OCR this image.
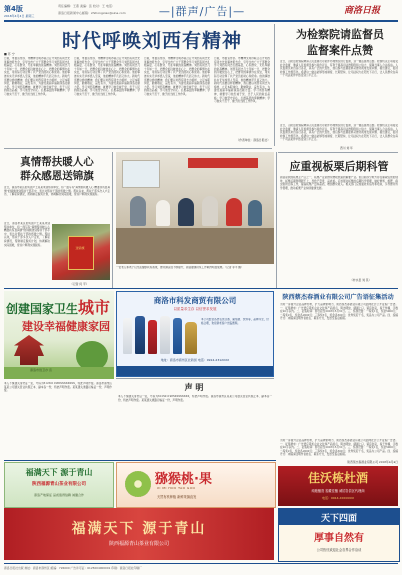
第4版
2018年4月4日 星期三
责任编辑：王燕 美编：张 校对：王 电话：
商洛日报新闻中心邮箱：zhihongxiao@sina.com	—|群声/广告|—	商洛日报
时代呼唤刘西有精神
■ 苏 宁
日前，市委宣传部、市精神文明办联合召开刘西有同志先进事迹报告会，引导全市广大干部群众学习刘西有同志扎根基层、心系群众、无私奉献的崇高精神。刘西有同志几十年如一日，把群众的冷暖放在心上，把群众的事情办在实处，用实际行动诠释了共产党员的初心和使命。他的事迹朴实无华却感人至深，他的精神平凡而又伟大。新时代需要这样的精神，我们要以刘西有同志为榜样，立足本职岗位，勤勉敬业，奋发有为，为建设美丽幸福新商洛贡献力量。学习刘西有精神，就要学习他忠诚于党、忠于人民的政治品格；学习他坚守初心、扎根基层的奉献精神；学习他实干苦干、敢于担当的工作作风。
日前，市委宣传部、市精神文明办联合召开刘西有同志先进事迹报告会，引导全市广大干部群众学习刘西有同志扎根基层、心系群众、无私奉献的崇高精神。刘西有同志几十年如一日，把群众的冷暖放在心上，把群众的事情办在实处，用实际行动诠释了共产党员的初心和使命。他的事迹朴实无华却感人至深，他的精神平凡而又伟大。新时代需要这样的精神，我们要以刘西有同志为榜样，立足本职岗位，勤勉敬业，奋发有为，为建设美丽幸福新商洛贡献力量。学习刘西有精神，就要学习他忠诚于党、忠于人民的政治品格；学习他坚守初心、扎根基层的奉献精神；学习他实干苦干、敢于担当的工作作风。
日前，市委宣传部、市精神文明办联合召开刘西有同志先进事迹报告会，引导全市广大干部群众学习刘西有同志扎根基层、心系群众、无私奉献的崇高精神。刘西有同志几十年如一日，把群众的冷暖放在心上，把群众的事情办在实处，用实际行动诠释了共产党员的初心和使命。他的事迹朴实无华却感人至深，他的精神平凡而又伟大。新时代需要这样的精神，我们要以刘西有同志为榜样，立足本职岗位，勤勉敬业，奋发有为，为建设美丽幸福新商洛贡献力量。学习刘西有精神，就要学习他忠诚于党、忠于人民的政治品格；学习他坚守初心、扎根基层的奉献精神；学习他实干苦干、敢于担当的工作作风。
日前，市委宣传部、市精神文明办联合召开刘西有同志先进事迹报告会，引导全市广大干部群众学习刘西有同志扎根基层、心系群众、无私奉献的崇高精神。刘西有同志几十年如一日，把群众的冷暖放在心上，把群众的事情办在实处，用实际行动诠释了共产党员的初心和使命。他的事迹朴实无华却感人至深，他的精神平凡而又伟大。新时代需要这样的精神，我们要以刘西有同志为榜样，立足本职岗位，勤勉敬业，奋发有为，为建设美丽幸福新商洛贡献力量。学习刘西有精神，就要学习他忠诚于党、忠于人民的政治品格；学习他坚守初心、扎根基层的奉献精神；学习他实干苦干、敢于担当的工作作风。
（作者单位：商洛日报社）
为检察院请监督员
监督案件点赞
近日，山阳县检察院聘请人民监督员对案件办理情况进行监督，这一做法值得点赞。检察机关主动接受社会监督，邀请人民监督员参与案件评议，有利于提高司法透明度和公信力，保障当事人合法权益。人民监督员来自各行各业，具有广泛的代表性，他们参与监督能够从群众视角发现问题、提出建议，促进检察工作规范化。希望这一做法能够形成制度、长期坚持，让司法权力在阳光下运行，让人民群众在每一个司法案件中感受到公平正义。
近日，山阳县检察院聘请人民监督员对案件办理情况进行监督，这一做法值得点赞。检察机关主动接受社会监督，邀请人民监督员参与案件评议，有利于提高司法透明度和公信力，保障当事人合法权益。人民监督员来自各行各业，具有广泛的代表性，他们参与监督能够从群众视角发现问题、提出建议，促进检察工作规范化。希望这一做法能够形成制度、长期坚持，让司法权力在阳光下运行，让人民群众在每一个司法案件中感受到公平正义。
西川 刘 年
真情帮扶暖人心
群众感恩送锦旗
近日，商洛市某区的贫困户王某某来到帮扶单位，将一面写有"真情帮扶暖人心 精准扶贫显真情"的锦旗送到帮扶干部手中，表达对帮扶干部的感激之情。帮扶以来，帮扶干部多次入户走访，了解家庭情况，帮助制定脱贫计划，协调解决实际困难，使该户顺利实现脱贫。
近日，商洛市某区的贫困户王某某来到帮扶单位，将一面写有"真情帮扶暖人心 精准扶贫显真情"的锦旗送到帮扶干部手中，表达对帮扶干部的感激之情。帮扶以来，帮扶干部多次入户走访，了解家庭情况，帮助制定脱贫计划，协调解决实际困难，使该户顺利实现脱贫。
送锦旗
（记者 何 平）
一位老人和孩子们交流健康扶贫政策，群众满意度不断提升，商洛健康扶贫工作取得明显成效。（记者 李平 摄）
应重视板栗后期科管
商洛是我国板栗主产区之一，板栗产业是群众增收致富的重要产业。但目前部分地方存在重栽轻管的现象，板栗后期管理跟不上，导致产量低、品质差。应加强对板栗的后期科学管理，做好修剪、施肥、病虫害防治等工作，提高板栗产量和品质，增加群众收入。相关部门应加强技术指导和培训，引导群众科学管理，推动板栗产业持续健康发展。
（柞水县 刘 民）
商洛市科发商贸有限公司
以质量求生存 以信誉求发展
本公司经营各类名优白酒、葡萄酒、饮料等，品种齐全，价格合理，欢迎新老客户光临惠顾。
地址：商洛市商州区北新街 电话：0914-2312XXX
陕西蔡杰春酒业有限公司广告语征集活动
为进一步提升企业品牌形象，扩大品牌影响力，陕西蔡杰春酒业有限公司面向社会公开征集广告语。一、征集要求：广告语应紧扣企业文化和产品特点，简洁明快，朗朗上口，富有创意，易于传播，字数在20字以内。二、征集时间：即日起至2018年5月31日。三、奖项设置：一等奖1名，奖金5000元；二等奖2名，奖金各2000元；三等奖5名，奖金各500元；优秀奖若干名，奖品为公司产品。四、投稿方式：来稿请注明作者姓名、联系方式，发送至指定邮箱。
为进一步提升企业品牌形象，扩大品牌影响力，陕西蔡杰春酒业有限公司面向社会公开征集广告语。一、征集要求：广告语应紧扣企业文化和产品特点，简洁明快，朗朗上口，富有创意，易于传播，字数在20字以内。二、征集时间：即日起至2018年5月31日。三、奖项设置：一等奖1名，奖金5000元；二等奖2名，奖金各2000元；三等奖5名，奖金各500元；优秀奖若干名，奖品为公司产品。四、投稿方式：来稿请注明作者姓名、联系方式，发送至指定邮箱。
陕西蔡杰春酒业有限公司 2018年4月4日
创建国家卫生城市
建设幸福健康家园
商洛市创卫办 宣
声 明
本人不慎遗失身份证一张，号码为6125011985XXXXXXXX，特此声明作废。商洛市商州区某某公司遗失营业执照正本、副本各一份，特此声明作废。某某遗失道路运输证一份，声明作废。
本人不慎遗失身份证一张，号码为6125011985XXXXXXXX，特此声明作废。商洛市商州区某某公司遗失营业执照正本、副本各一份，特此声明作废。某某遗失道路运输证一份，声明作废。
佳沃栋杜酒
纯粮酿造 窖藏佳酿 诚招各县区代理商
电话：0914-XXXXXXX
福满天下 源于青山
陕西福源青山茶业有限公司
商洛产地保证 品质值得信赖 诚邀合作
猕猴桃·果
XI MI HOU TAO GUO
天然有机种植 新鲜采摘直发
天下四面
厚事自然有
公司热忱欢迎社会各界合作洽谈
福满天下 源于青山
陕西福源青山茶业有限公司
商洛日报社出版 地址：商洛市商州区 邮编：726000 广告许可证：6125004000001 印刷：商洛日报社印刷厂
